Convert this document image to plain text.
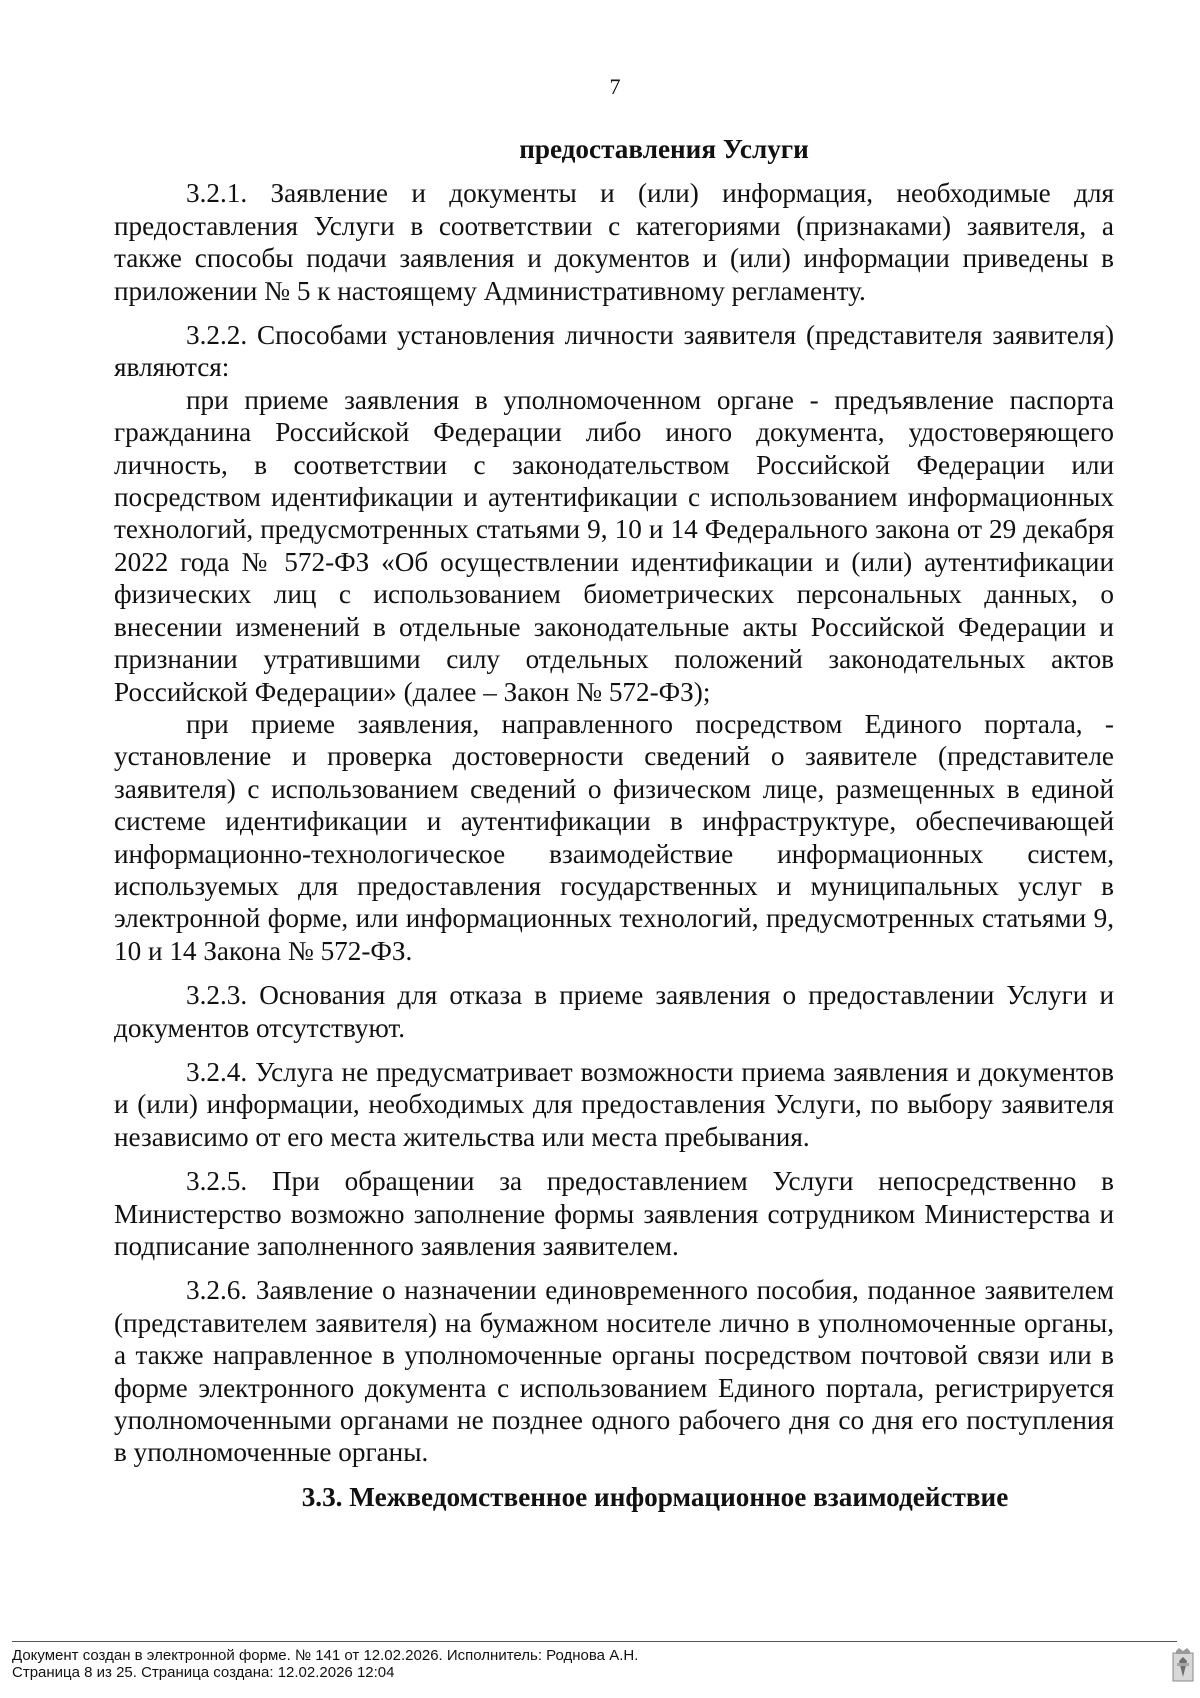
7
предоставления Услуги

3.2.1. Заявление и документы и (или) информация, необходимые для предоставления Услуги в соответствии с категориями (признаками) заявителя, а также способы подачи заявления и документов и (или) информации приведены в приложении № 5 к настоящему Административному регламенту.

3.2.2. Способами установления личности заявителя (представителя заявителя) являются:

при приеме заявления в уполномоченном органе - предъявление паспорта гражданина Российской Федерации либо иного документа, удостоверяющего личность, в соответствии с законодательством Российской Федерации или посредством идентификации и аутентификации с использованием информационных технологий, предусмотренных статьями 9, 10 и 14 Федерального закона от 29 декабря 2022 года № 572-ФЗ «Об осуществлении идентификации и (или) аутентификации физических лиц с использованием биометрических персональных данных, о внесении изменений в отдельные законодательные акты Российской Федерации и признании утратившими силу отдельных положений законодательных актов Российской Федерации» (далее – Закон № 572-ФЗ);

при приеме заявления, направленного посредством Единого портала, - установление и проверка достоверности сведений о заявителе (представителе заявителя) с использованием сведений о физическом лице, размещенных в единой системе идентификации и аутентификации в инфраструктуре, обеспечивающей информационно-технологическое взаимодействие информационных систем, используемых для предоставления государственных и муниципальных услуг в электронной форме, или информационных технологий, предусмотренных статьями 9, 10 и 14 Закона № 572-ФЗ.

3.2.3. Основания для отказа в приеме заявления о предоставлении Услуги и документов отсутствуют.

3.2.4. Услуга не предусматривает возможности приема заявления и документов и (или) информации, необходимых для предоставления Услуги, по выбору заявителя независимо от его места жительства или места пребывания.

3.2.5. При обращении за предоставлением Услуги непосредственно в Министерство возможно заполнение формы заявления сотрудником Министерства и подписание заполненного заявления заявителем.

3.2.6. Заявление о назначении единовременного пособия, поданное заявителем (представителем заявителя) на бумажном носителе лично в уполномоченные органы, а также направленное в уполномоченные органы посредством почтовой связи или в форме электронного документа с использованием Единого портала, регистрируется уполномоченными органами не позднее одного рабочего дня со дня его поступления в уполномоченные органы.

3.3. Межведомственное информационное взаимодействие
Документ создан в электронной форме. № 141 от 12.02.2026. Исполнитель: Роднова А.Н.
Страница 8 из 25. Страница создана: 12.02.2026 12:04
